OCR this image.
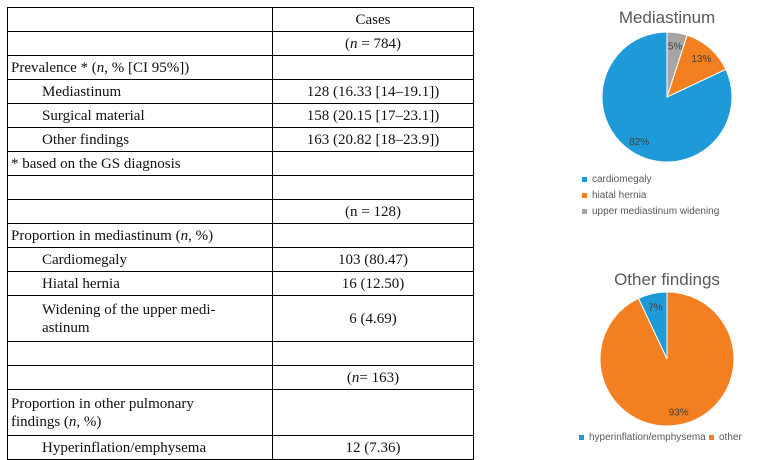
	Cases
	(n = 784)
Prevalence * (n, % [CI 95%])	
Mediastinum	128 (16.33 [14–19.1])
Surgical material	158 (20.15 [17–23.1])
Other findings	163 (20.82 [18–23.9])
* based on the GS diagnosis	

	(n = 128)
Proportion in mediastinum (n, %)	
Cardiomegaly	103 (80.47)
Hiatal hernia	16 (12.50)
Widening of the upper medi-
astinum	6 (4.69)

	(n= 163)
Proportion in other pulmonary
findings (n, %)	
Hyperinflation/emphysema	12 (7.36)
Mediastinum
82%
13%
5%
cardiomegaly
hiatal hernia
upper mediastinum widening
Other findings
7%
93%
hyperinflation/emphysema other
